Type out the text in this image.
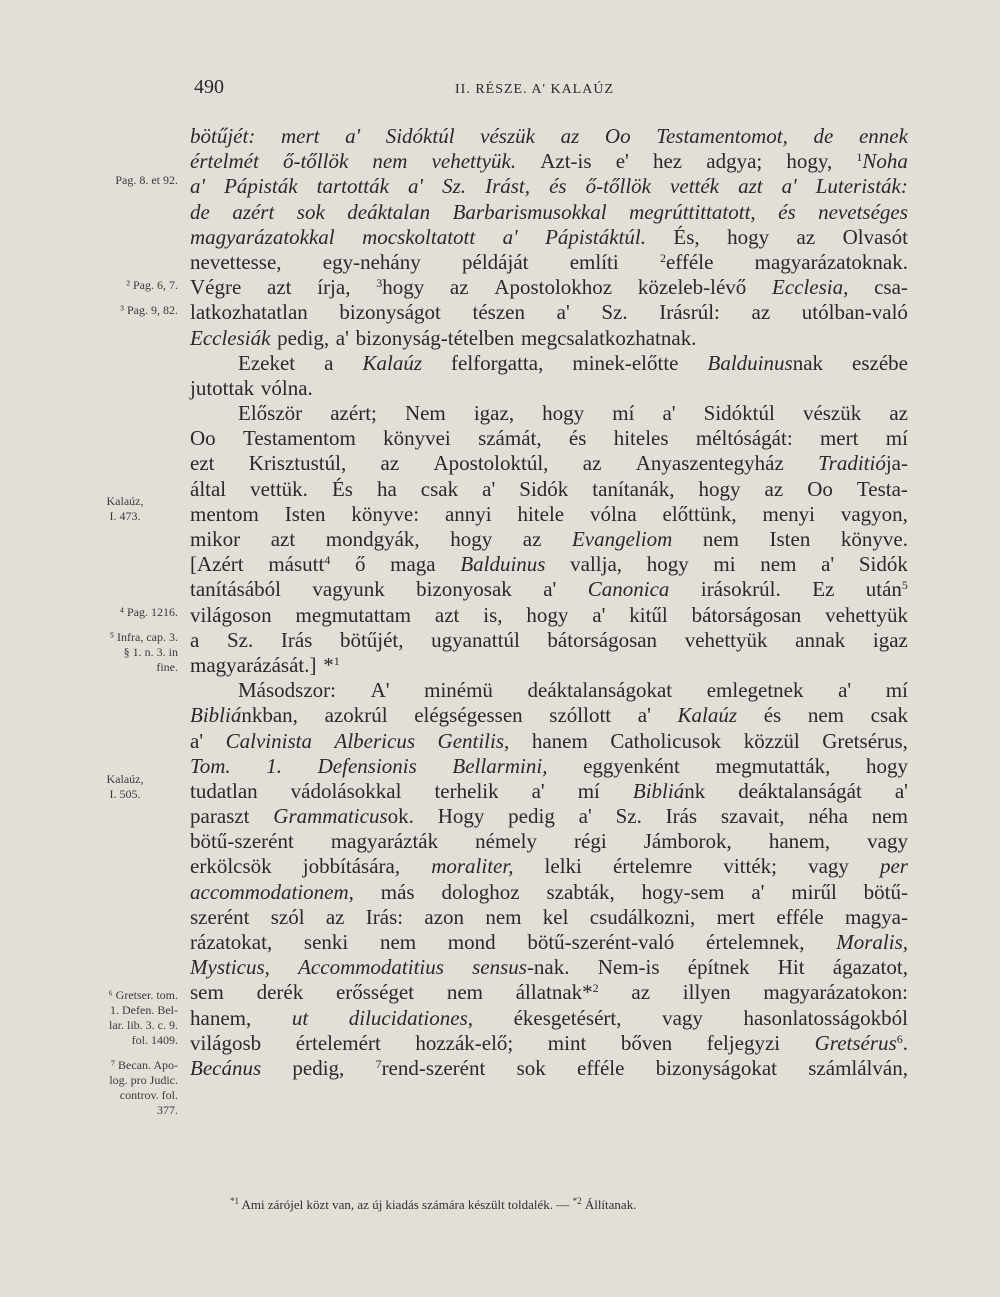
490	II. RÉSZE. A' KALAÚZ
bötűjét: mert a' Sidóktúl vészük az Oo Testamentomot, de ennek
értelmét ő-tőllök nem vehettyük. Azt-is e' hez adgya; hogy, $^1$Noha
a' Pápisták tartották a' Sz. Irást, és ő-tőllök vették azt a' Luteristák:
de azért sok deáktalan Barbarismusokkal megrúttittatott, és nevetséges
magyarázatokkal mocskoltatott a' Pápistáktúl. És, hogy az Olvasót
nevettesse, egy-nehány példáját említi	$^2$efféle magyarázatoknak.
Végre azt írja, $^3$hogy az Apostolokhoz közeleb-lévő Ecclesia, csa-
latkozhatatlan bizonyságot tészen a' Sz. Irásrúl: az utólban-való
Ecclesiák pedig, a' bizonyság-tételben megcsalatkozhatnak.
Ezeket a Kalaúz felforgatta, minek-előtte Balduinusnak eszébe
jutottak vólna.
Először azért; Nem igaz, hogy mí a' Sidóktúl vészük az
Oo Testamentom könyvei számát, és hiteles méltóságát: mert mí
ezt Krisztustúl, az Apostoloktúl, az Anyaszentegyház Traditiója-
által vettük. És ha csak a' Sidók tanítanák, hogy az Oo Testa-
mentom Isten könyve: annyi hitele vólna előttünk, menyi vagyon,
mikor azt mondgyák, hogy az Evangeliom nem Isten könyve.
[Azért másutt$^4$ ő maga Balduinus vallja, hogy mi nem a' Sidók
tanításából vagyunk bizonyosak a' Canonica irásokrúl. Ez után$^5$
világoson megmutattam azt is, hogy a' kitűl bátorságosan vehettyük
a Sz. Irás bötűjét, ugyanattúl bátorságosan vehettyük annak igaz
magyarázását.] *$^1$
Másodszor: A' minémü deáktalanságokat emlegetnek a' mí
Bibliánkban, azokrúl elégségessen szóllott a' Kalaúz és nem csak
a' Calvinista Albericus Gentilis, hanem Catholicusok közzül Gretsérus,
Tom. 1. Defensionis Bellarmini, eggyenként megmutatták, hogy
tudatlan vádolásokkal terhelik a' mí Bibliánk deáktalanságát a'
paraszt Grammaticusok. Hogy pedig a' Sz. Irás szavait, néha nem
bötű-szerént magyarázták némely régi Jámborok, hanem, vagy
erkölcsök jobbítására, moraliter, lelki értelemre vitték; vagy per
accommodationem, más dologhoz szabták, hogy-sem a' mirűl bötű-
szerént szól az Irás: azon nem kel csudálkozni, mert efféle magya-
rázatokat, senki nem mond bötű-szerént-való értelemnek, Moralis,
Mysticus, Accommodatitius sensus-nak. Nem-is építnek Hit ágazatot,
sem derék erősséget nem állatnak*$^2$ az illyen magyarázatokon:
hanem, ut dilucidationes, ékesgetésért, vagy hasonlatosságokból
világosb értelemért hozzák-elő; mint bőven feljegyzi Gretsérus$^6$.
Becánus pedig,	$^7$rend-szerént sok efféle bizonyságokat számlálván,
Pag. 8. et 92.
² Pag. 6, 7.
³ Pag. 9, 82.
Kalaúz,
I. 473.
⁴ Pag. 1216.
⁵ Infra, cap. 3.
§ 1. n. 3. in
fine.
Kalaúz,
I. 505.
⁶ Gretser. tom.
1. Defen. Bel-
lar. lib. 3. c. 9.
fol. 1409.
⁷ Becan. Apo-
log. pro Judic.
controv. fol.
377.
$^{*1}$ Ami zárójel közt van, az új kiadás számára készült toldalék. — $^{*2}$ Állítanak.
